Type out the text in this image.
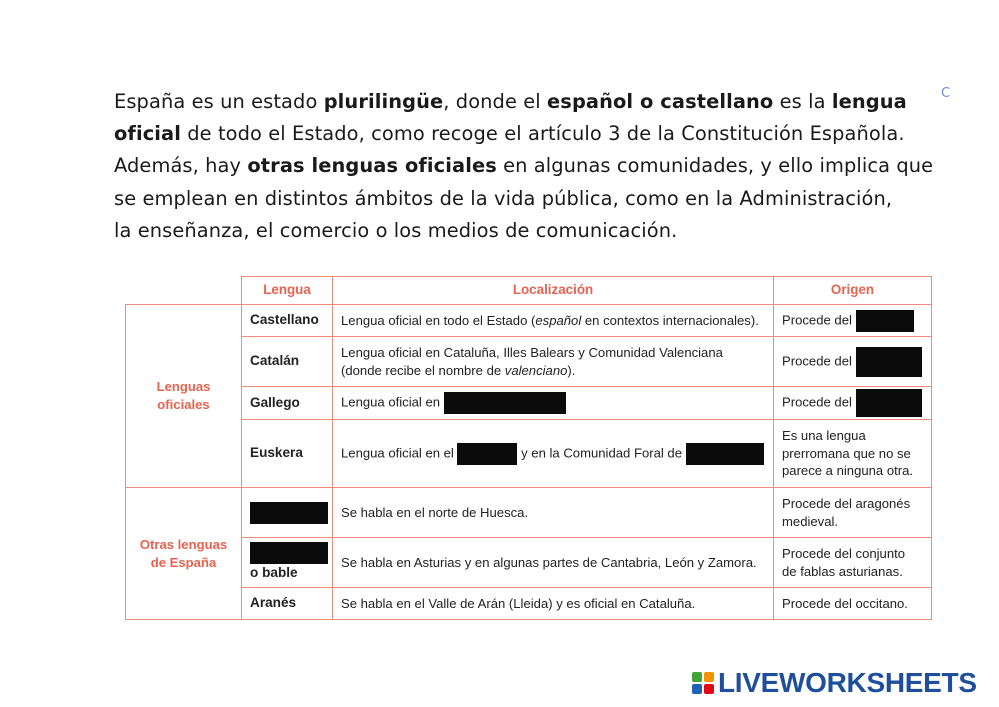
España es un estado plurilingüe, donde el español o castellano es la lengua

oficial de todo el Estado, como recoge el artículo 3 de la Constitución Española.

Además, hay otras lenguas oficiales en algunas comunidades, y ello implica que

se emplean en distintos ámbitos de la vida pública, como en la Administración,

la enseñanza, el comercio o los medios de comunicación.

C
	Lengua	Localización	Origen
Lenguas oficiales	Castellano	Lengua oficial en todo el Estado (español en contextos internacionales).	Procede del
	Catalán	Lengua oficial en Cataluña, Illes Balears y Comunidad Valenciana
(donde recibe el nombre de valenciano).	Procede del
	Gallego	Lengua oficial en	Procede del
	Euskera	Lengua oficial en el y en la Comunidad Foral de	Es una lengua
prerromana que no se
parece a ninguna otra.
Otras lenguas de España		Se habla en el norte de Huesca.	Procede del aragonés
medieval.

o bable	Se habla en Asturias y en algunas partes de Cantabria, León y Zamora.	Procede del conjunto
de fablas asturianas.
	Aranés	Se habla en el Valle de Arán (Lleida) y es oficial en Cataluña.	Procede del occitano.
LIVEWORKSHEETS
